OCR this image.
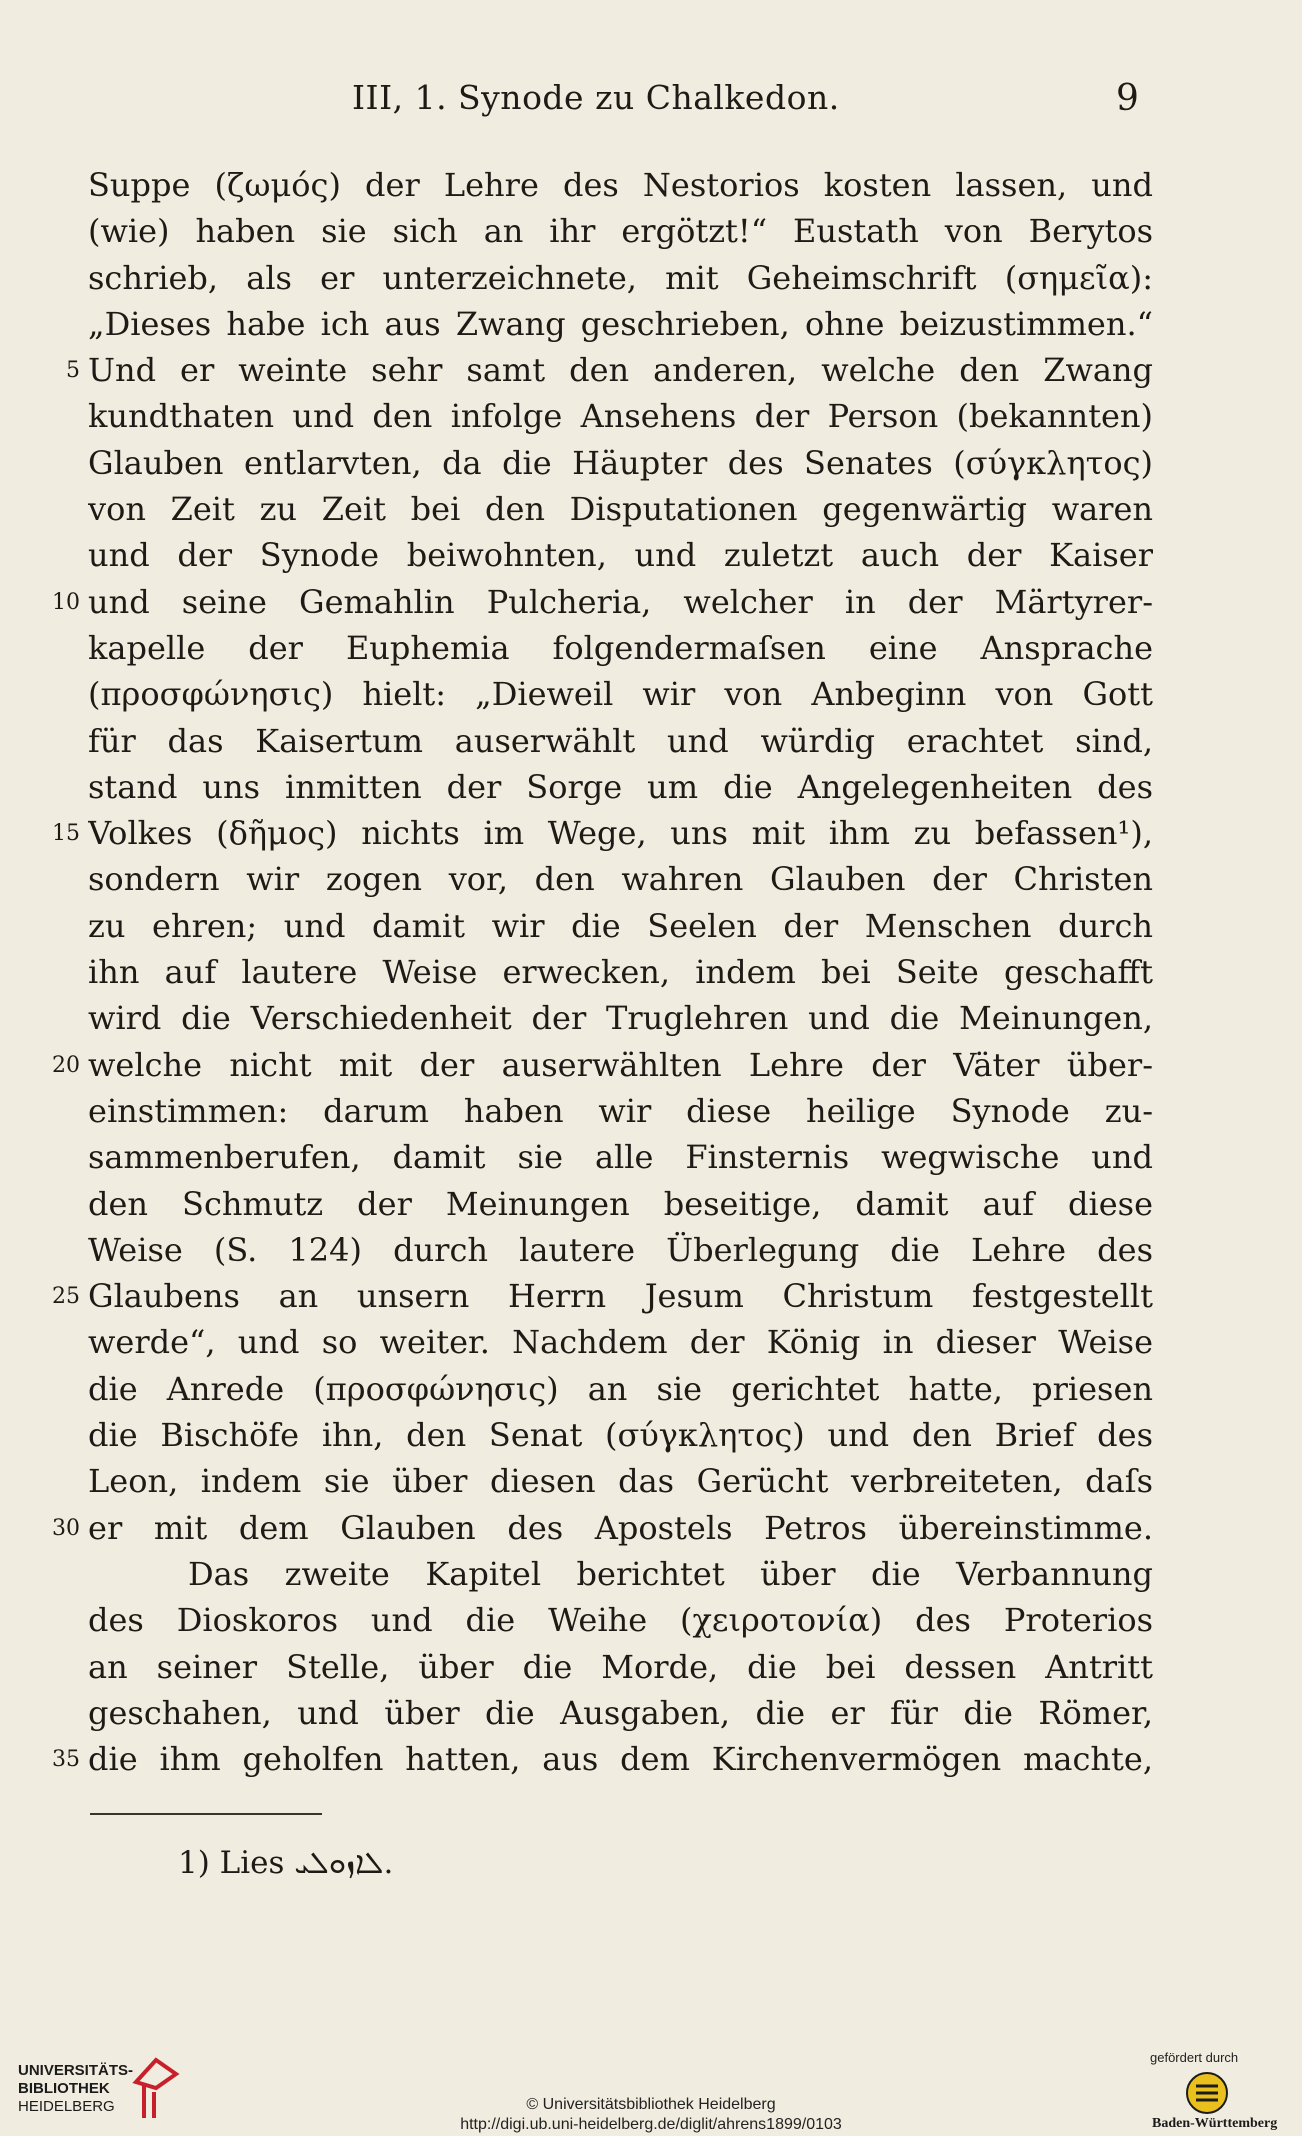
III, 1. Synode zu Chalkedon.	9
Suppe (ζωμός) der Lehre des Nestorios kosten lassen, und
(wie) haben sie sich an ihr ergötzt!“ Eustath von Berytos
schrieb, als er unterzeichnete, mit Geheimschrift (σημεῖα):
„Dieses habe ich aus Zwang geschrieben, ohne beizustimmen.“
5 Und er weinte sehr samt den anderen, welche den Zwang
kundthaten und den infolge Ansehens der Person (bekannten)
Glauben entlarvten, da die Häupter des Senates (σύγκλητος)
von Zeit zu Zeit bei den Disputationen gegenwärtig waren
und der Synode beiwohnten, und zuletzt auch der Kaiser
10 und seine Gemahlin Pulcheria, welcher in der Märtyrer-
kapelle der Euphemia folgendermaſsen eine Ansprache
(προσφώνησις) hielt: „Dieweil wir von Anbeginn von Gott
für das Kaisertum auserwählt und würdig erachtet sind,
stand uns inmitten der Sorge um die Angelegenheiten des
15 Volkes (δῆμος) nichts im Wege, uns mit ihm zu befassen¹),
sondern wir zogen vor, den wahren Glauben der Christen
zu ehren; und damit wir die Seelen der Menschen durch
ihn auf lautere Weise erwecken, indem bei Seite geschafft
wird die Verschiedenheit der Truglehren und die Meinungen,
20 welche nicht mit der auserwählten Lehre der Väter über-
einstimmen: darum haben wir diese heilige Synode zu-
sammenberufen, damit sie alle Finsternis wegwische und
den Schmutz der Meinungen beseitige, damit auf diese
Weise (S. 124) durch lautere Überlegung die Lehre des
25 Glaubens an unsern Herrn Jesum Christum festgestellt
werde“, und so weiter. Nachdem der König in dieser Weise
die Anrede (προσφώνησις) an sie gerichtet hatte, priesen
die Bischöfe ihn, den Senat (σύγκλητος) und den Brief des
Leon, indem sie über diesen das Gerücht verbreiteten, daſs
30 er mit dem Glauben des Apostels Petros übereinstimme.
Das zweite Kapitel berichtet über die Verbannung
des Dioskoros und die Weihe (χειροτονία) des Proterios
an seiner Stelle, über die Morde, die bei dessen Antritt
geschahen, und über die Ausgaben, die er für die Römer,
35 die ihm geholfen hatten, aus dem Kirchenvermögen machte,
1) Lies ܠܐܙܘܠܝ.
UNIVERSITÄTS-
BIBLIOTHEK
HEIDELBERG	© Universitätsbibliothek Heidelberg
http://digi.ub.uni-heidelberg.de/diglit/ahrens1899/0103
gefördert durch
Baden-Württemberg
